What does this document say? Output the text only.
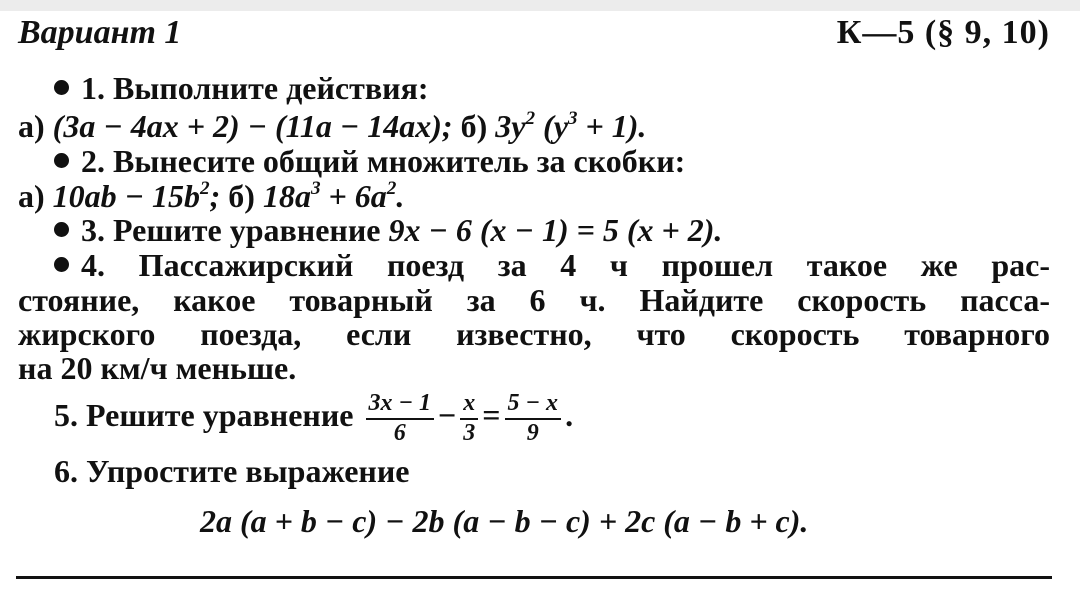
Вариант 1	К—5 (§ 9, 10)
1. Выполните действия:
а) (3a − 4ax + 2) − (11a − 14ax); б) $3y^2$ $(y^3 + 1)$.
2. Вынесите общий множитель за скобки:
а) $10ab - 15b^2$; б) $18a^3 + 6a^2$.
3. Решите уравнение 9x − 6 (x − 1) = 5 (x + 2).
4. Пассажирский поезд за 4 ч прошел такое же рас-
стояние, какое товарный за 6 ч. Найдите скорость пасса-
жирского поезда, если известно, что скорость товарного
на 20 км/ч меньше.
5. Решите уравнение $\frac{3x - 1}{6} - \frac{x}{3} = \frac{5 - x}{9}$ .
6. Упростите выражение
2a (a + b − c) − 2b (a − b − c) + 2c (a − b + c).
